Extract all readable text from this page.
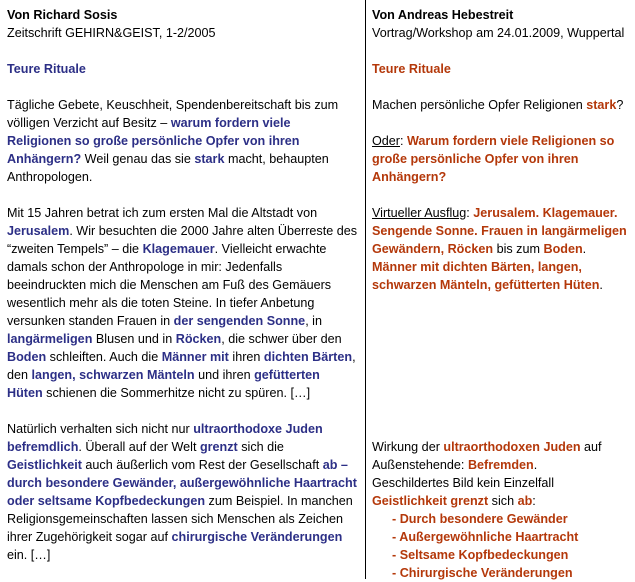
Von Richard Sosis
Zeitschrift GEHIRN&GEIST, 1-2/2005
Teure Rituale

Tägliche Gebete, Keuschheit, Spendenbereitschaft bis zum völligen Verzicht auf Besitz – warum fordern viele Religionen so große persönliche Opfer von ihren Anhängern? Weil genau das sie stark macht, behaupten Anthropologen.

Mit 15 Jahren betrat ich zum ersten Mal die Altstadt von Jerusalem. Wir besuchten die 2000 Jahre alten Überreste des “zweiten Tempels” – die Klagemauer. Vielleicht erwachte damals schon der Anthropologe in mir: Jedenfalls beeindruckten mich die Menschen am Fuß des Gemäuers wesentlich mehr als die toten Steine. In tiefer Anbetung versunken standen Frauen in der sengenden Sonne, in langärmeligen Blusen und in Röcken, die schwer über den Boden schleiften. Auch die Männer mit ihren dichten Bärten, den langen, schwarzen Mänteln und ihren gefütterten Hüten schienen die Sommerhitze nicht zu spüren. […]

Natürlich verhalten sich nicht nur ultraorthodoxe Juden befremdlich. Überall auf der Welt grenzt sich die Geistlichkeit auch äußerlich vom Rest der Gesellschaft ab – durch besondere Gewänder, außergewöhnliche Haartracht oder seltsame Kopfbedeckungen zum Beispiel. In manchen Religionsgemeinschaften lassen sich Menschen als Zeichen ihrer Zugehörigkeit sogar auf chirurgische Veränderungen ein. […]

Von Andreas Hebestreit
Vortrag/Workshop am 24.01.2009, Wuppertal
Teure Rituale

Machen persönliche Opfer Religionen stark?

Oder: Warum fordern viele Religionen so große persönliche Opfer von ihren Anhängern?

Virtueller Ausflug: Jerusalem. Klagemauer. Sengende Sonne. Frauen in langärmeligen Gewändern, Röcken bis zum Boden. Männer mit dichten Bärten, langen, schwarzen Mänteln, gefütterten Hüten.

Wirkung der ultraorthodoxen Juden auf Außenstehende: Befremden.

Geschildertes Bild kein Einzelfall

Geistlichkeit grenzt sich ab:

- Durch besondere Gewänder
- Außergewöhnliche Haartracht
- Seltsame Kopfbedeckungen
- Chirurgische Veränderungen
